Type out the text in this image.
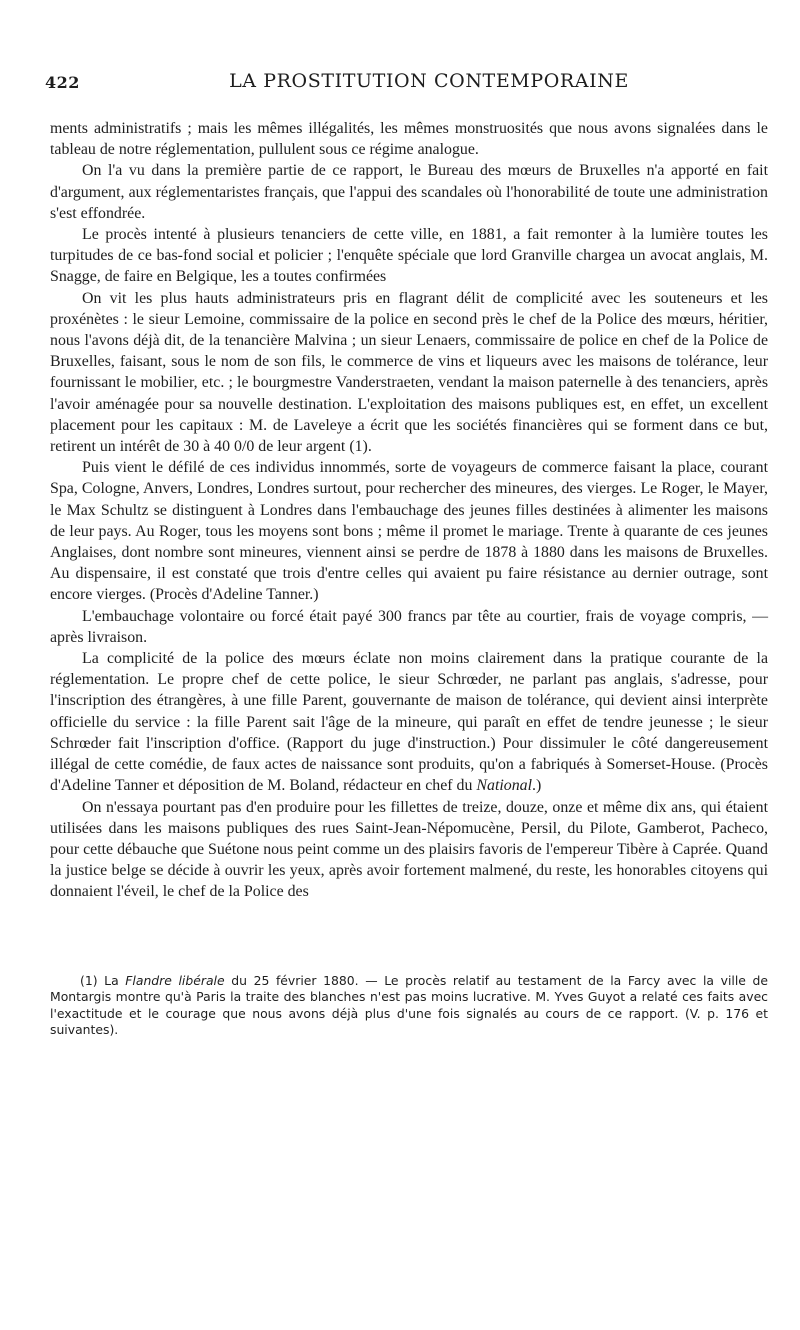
422	LA PROSTITUTION CONTEMPORAINE

ments administratifs ; mais les mêmes illégalités, les mêmes monstruosités que nous avons signalées dans le tableau de notre réglementation, pullulent sous ce régime analogue.

On l'a vu dans la première partie de ce rapport, le Bureau des mœurs de Bruxelles n'a apporté en fait d'argument, aux réglementaristes français, que l'appui des scandales où l'honorabilité de toute une administration s'est effondrée.

Le procès intenté à plusieurs tenanciers de cette ville, en 1881, a fait remonter à la lumière toutes les turpitudes de ce bas-fond social et policier ; l'enquête spéciale que lord Granville chargea un avocat anglais, M. Snagge, de faire en Belgique, les a toutes confirmées

On vit les plus hauts administrateurs pris en flagrant délit de complicité avec les souteneurs et les proxénètes : le sieur Lemoine, commissaire de la police en second près le chef de la Police des mœurs, héritier, nous l'avons déjà dit, de la tenancière Malvina ; un sieur Lenaers, commissaire de police en chef de la Police de Bruxelles, faisant, sous le nom de son fils, le commerce de vins et liqueurs avec les maisons de tolérance, leur fournissant le mobilier, etc. ; le bourgmestre Vanderstraeten, vendant la maison paternelle à des tenanciers, après l'avoir aménagée pour sa nouvelle destination. L'exploitation des maisons publiques est, en effet, un excellent placement pour les capitaux : M. de Laveleye a écrit que les sociétés financières qui se forment dans ce but, retirent un intérêt de 30 à 40 0/0 de leur argent (1).

Puis vient le défilé de ces individus innommés, sorte de voyageurs de commerce faisant la place, courant Spa, Cologne, Anvers, Londres, Londres surtout, pour rechercher des mineures, des vierges. Le Roger, le Mayer, le Max Schultz se distinguent à Londres dans l'embauchage des jeunes filles destinées à alimenter les maisons de leur pays. Au Roger, tous les moyens sont bons ; même il promet le mariage. Trente à quarante de ces jeunes Anglaises, dont nombre sont mineures, viennent ainsi se perdre de 1878 à 1880 dans les maisons de Bruxelles. Au dispensaire, il est constaté que trois d'entre celles qui avaient pu faire résistance au dernier outrage, sont encore vierges. (Procès d'Adeline Tanner.)

L'embauchage volontaire ou forcé était payé 300 francs par tête au courtier, frais de voyage compris, — après livraison.

La complicité de la police des mœurs éclate non moins clairement dans la pratique courante de la réglementation. Le propre chef de cette police, le sieur Schrœder, ne parlant pas anglais, s'adresse, pour l'inscription des étrangères, à une fille Parent, gouvernante de maison de tolérance, qui devient ainsi interprète officielle du service : la fille Parent sait l'âge de la mineure, qui paraît en effet de tendre jeunesse ; le sieur Schrœder fait l'inscription d'office. (Rapport du juge d'instruction.) Pour dissimuler le côté dangereusement illégal de cette comédie, de faux actes de naissance sont produits, qu'on a fabriqués à Somerset-House. (Procès d'Adeline Tanner et déposition de M. Boland, rédacteur en chef du National.)

On n'essaya pourtant pas d'en produire pour les fillettes de treize, douze, onze et même dix ans, qui étaient utilisées dans les maisons publiques des rues Saint-Jean-Népomucène, Persil, du Pilote, Gamberot, Pacheco, pour cette débauche que Suétone nous peint comme un des plaisirs favoris de l'empereur Tibère à Caprée. Quand la justice belge se décide à ouvrir les yeux, après avoir fortement malmené, du reste, les honorables citoyens qui donnaient l'éveil, le chef de la Police des

(1) La Flandre libérale du 25 février 1880. — Le procès relatif au testament de la Farcy avec la ville de Montargis montre qu'à Paris la traite des blanches n'est pas moins lucrative. M. Yves Guyot a relaté ces faits avec l'exactitude et le courage que nous avons déjà plus d'une fois signalés au cours de ce rapport. (V. p. 176 et suivantes).
